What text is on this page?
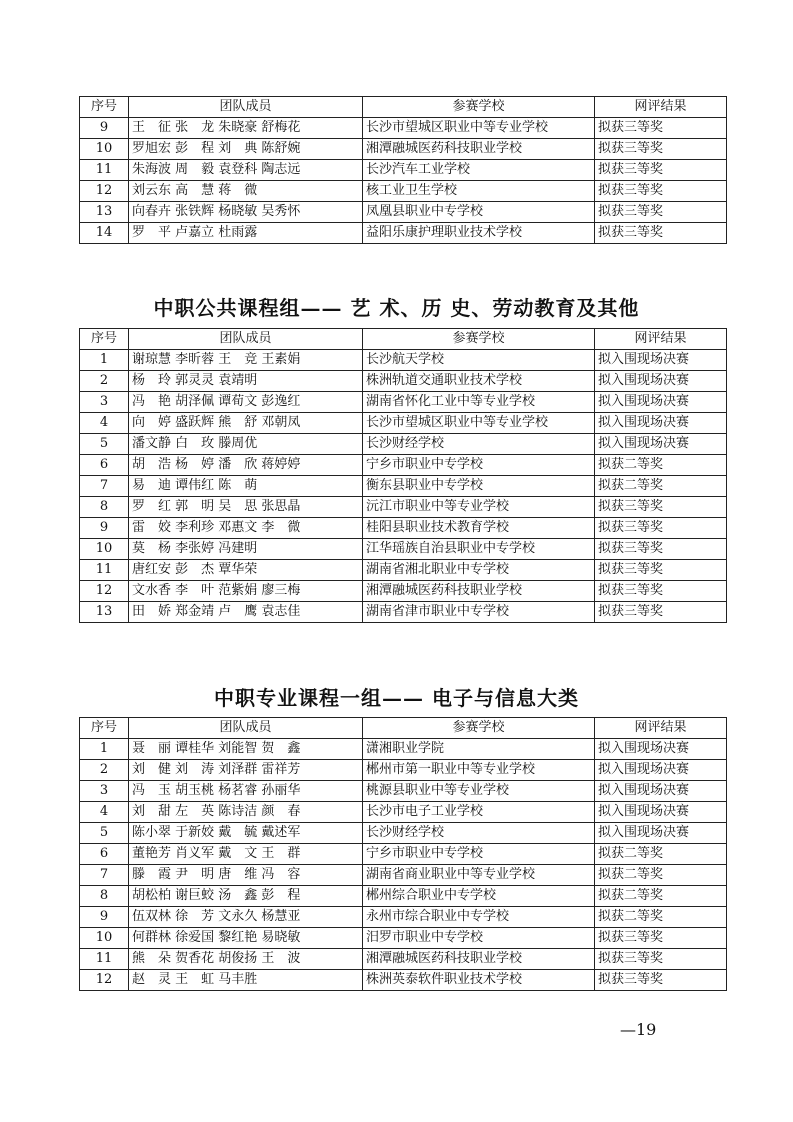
序号	团队成员	参赛学校	网评结果
9	王　征 张　龙 朱晓豪 舒梅花	长沙市望城区职业中等专业学校	拟获三等奖
10	罗旭宏 彭　程 刘　典 陈舒婉	湘潭融城医药科技职业学校	拟获三等奖
11	朱海波 周　毅 袁登科 陶志远	长沙汽车工业学校	拟获三等奖
12	刘云东 高　慧 蒋　微	核工业卫生学校	拟获三等奖
13	向春卉 张铁辉 杨晓敏 吴秀怀	凤凰县职业中专学校	拟获三等奖
14	罗　平 卢嘉立 杜雨露	益阳乐康护理职业技术学校	拟获三等奖
中职公共课程组—— 艺 术、历 史、劳动教育及其他
序号	团队成员	参赛学校	网评结果
1	谢琼慧 李昕蓉 王　竞 王素娟	长沙航天学校	拟入围现场决赛
2	杨　玲 郭灵灵 袁靖明	株洲轨道交通职业技术学校	拟入围现场决赛
3	冯　艳 胡泽佩 谭荀文 彭逸红	湖南省怀化工业中等专业学校	拟入围现场决赛
4	向　婷 盛跃辉 熊　舒 邓朝凤	长沙市望城区职业中等专业学校	拟入围现场决赛
5	潘文静 白　玫 滕周优	长沙财经学校	拟入围现场决赛
6	胡　浩 杨　婷 潘　欣 蒋婷婷	宁乡市职业中专学校	拟获二等奖
7	易　迪 谭伟红 陈　萌	衡东县职业中专学校	拟获二等奖
8	罗　红 郭　明 吴　思 张思晶	沅江市职业中等专业学校	拟获三等奖
9	雷　姣 李利珍 邓惠文 李　微	桂阳县职业技术教育学校	拟获三等奖
10	莫　杨 李张婷 冯建明	江华瑶族自治县职业中专学校	拟获三等奖
11	唐红安 彭　杰 覃华荣	湖南省湘北职业中专学校	拟获三等奖
12	文水香 李　叶 范紫娟 廖三梅	湘潭融城医药科技职业学校	拟获三等奖
13	田　娇 郑金靖 卢　鹰 袁志佳	湖南省津市职业中专学校	拟获三等奖
中职专业课程一组—— 电子与信息大类
序号	团队成员	参赛学校	网评结果
1	聂　丽 谭桂华 刘能智 贺　鑫	潇湘职业学院	拟入围现场决赛
2	刘　健 刘　涛 刘泽群 雷祥芳	郴州市第一职业中等专业学校	拟入围现场决赛
3	冯　玉 胡玉桃 杨茗睿 孙丽华	桃源县职业中等专业学校	拟入围现场决赛
4	刘　甜 左　英 陈诗洁 颜　春	长沙市电子工业学校	拟入围现场决赛
5	陈小翠 于新姣 戴　毓 戴述军	长沙财经学校	拟入围现场决赛
6	董艳芳 肖义军 戴　文 王　群	宁乡市职业中专学校	拟获二等奖
7	滕　霞 尹　明 唐　维 冯　容	湖南省商业职业中等专业学校	拟获二等奖
8	胡松柏 谢巨蛟 汤　鑫 彭　程	郴州综合职业中专学校	拟获二等奖
9	伍双林 徐　芳 文永久 杨慧亚	永州市综合职业中专学校	拟获二等奖
10	何群林 徐爱国 黎红艳 易晓敏	汨罗市职业中专学校	拟获三等奖
11	熊　朵 贺香花 胡俊扬 王　波	湘潭融城医药科技职业学校	拟获三等奖
12	赵　灵 王　虹 马丰胜	株洲英泰软件职业技术学校	拟获三等奖
—19
